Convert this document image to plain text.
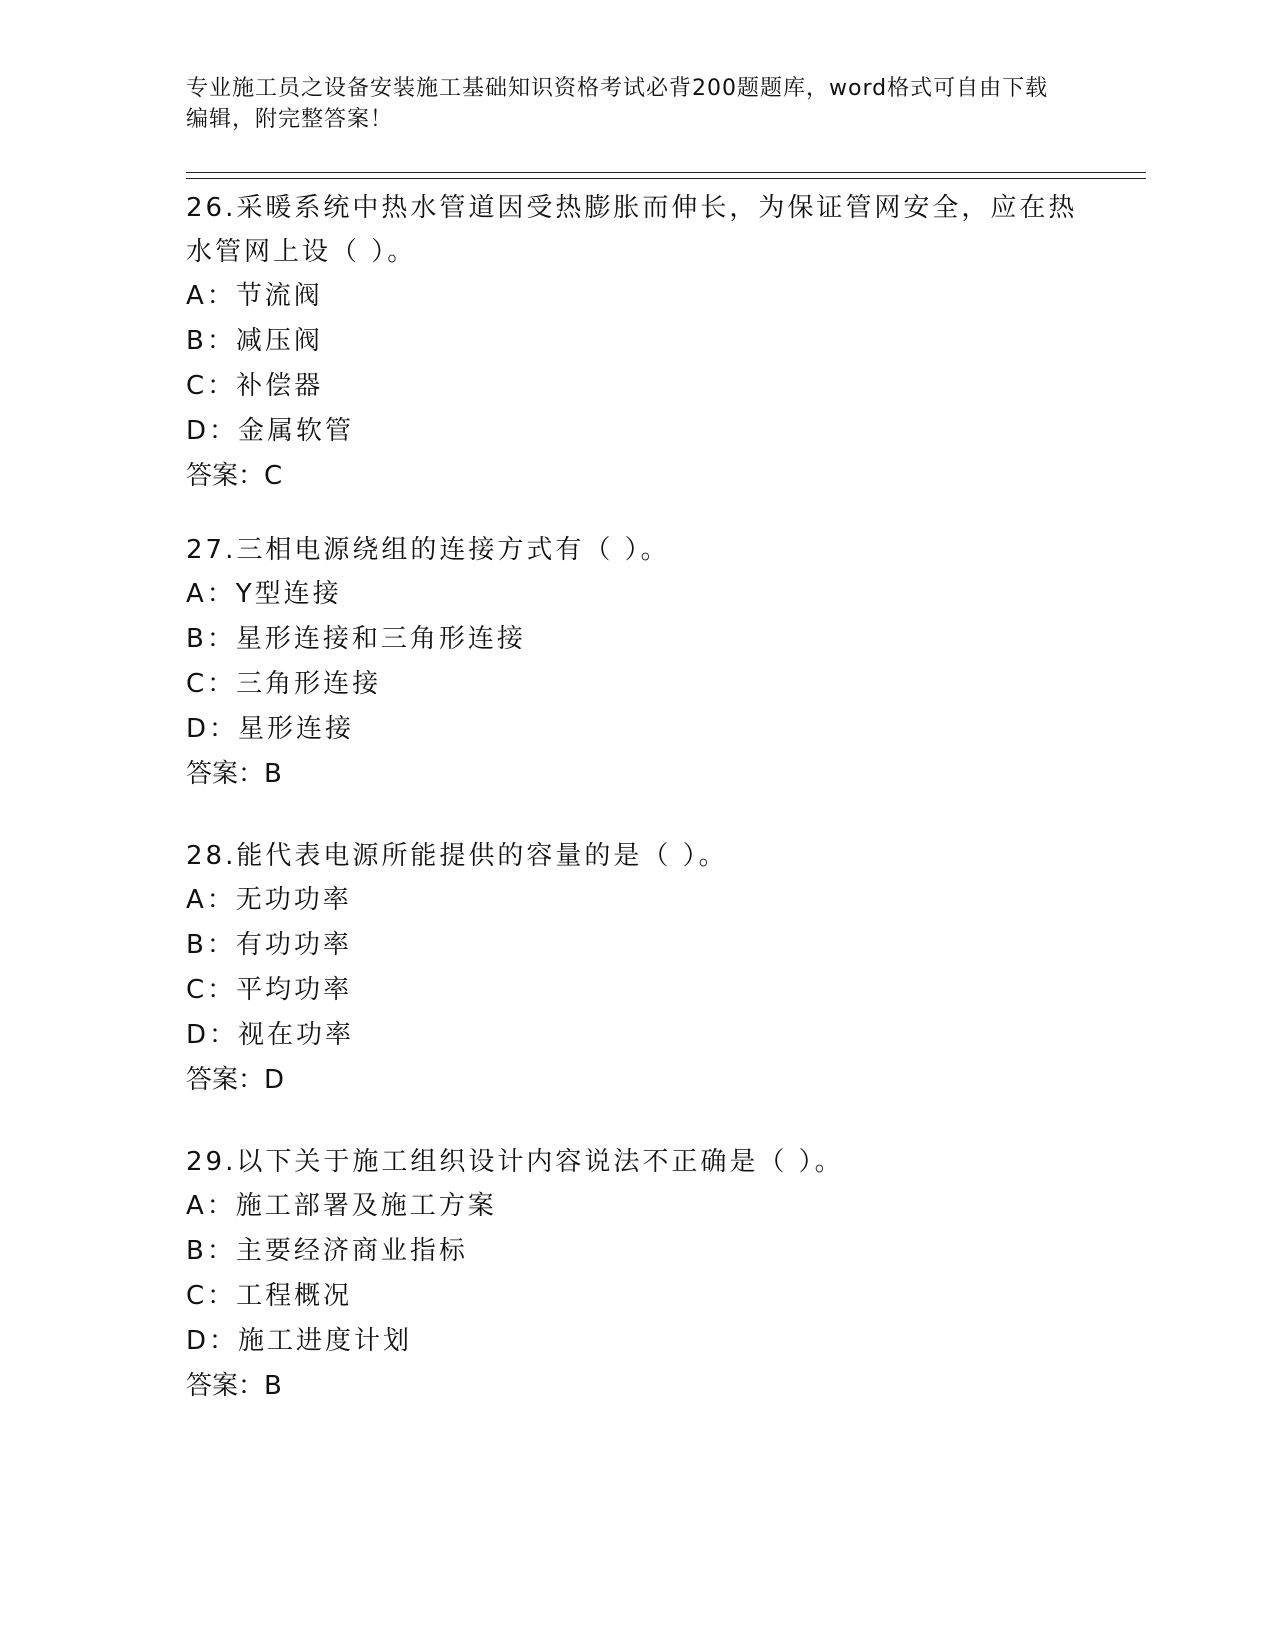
专业施工员之设备安装施工基础知识资格考试必背200题题库，word格式可自由下载编辑，附完整答案！
26.采暖系统中热水管道因受热膨胀而伸长，为保证管网安全，应在热水管网上设（ ）。
A：节流阀
B：减压阀
C：补偿器
D：金属软管
答案：C
27.三相电源绕组的连接方式有（ ）。
A：Y型连接
B：星形连接和三角形连接
C：三角形连接
D：星形连接
答案：B
28.能代表电源所能提供的容量的是（ ）。
A：无功功率
B：有功功率
C：平均功率
D：视在功率
答案：D
29.以下关于施工组织设计内容说法不正确是（ ）。
A：施工部署及施工方案
B：主要经济商业指标
C：工程概况
D：施工进度计划
答案：B
